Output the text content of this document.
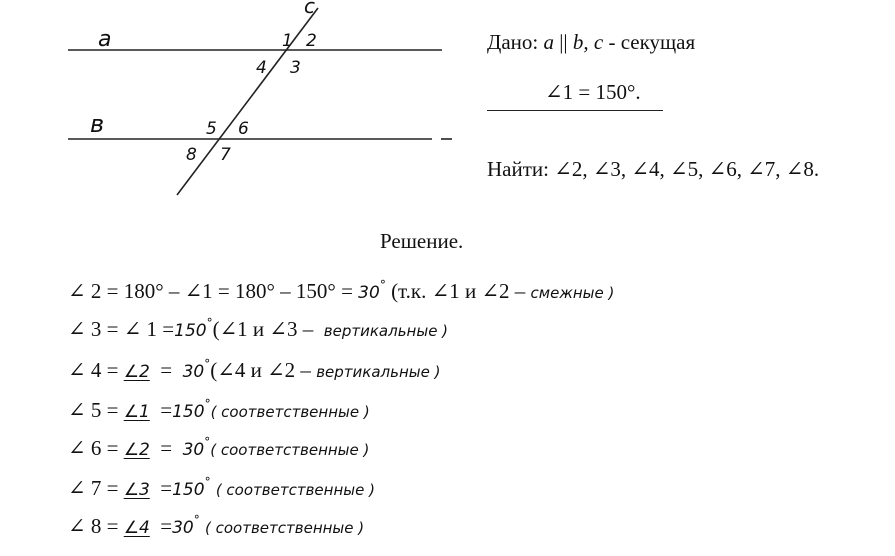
a
в
c
1 2
4 3
5 6
8 7
Дано: a || b, c - секущая
∠1 = 150°.
Найти: ∠2, ∠3, ∠4, ∠5, ∠6, ∠7, ∠8.
Решение.
∠ 2 = 180° – ∠1 = 180° – 150° =
30°
(т.к. ∠1 и ∠2 –
смежные )
∠ 3 = ∠ 1 = 150° (∠1 и ∠3 –
вертикальные )
∠ 4 =
∠2
=
30° (∠4 и ∠2 –
вертикальные )
∠ 5 =
∠1
= 150° ( соответственные )
∠ 6 =
∠2
=
30° ( соответственные )
∠ 7 =
∠3
= 150°
( соответственные )
∠ 8 =
∠4
= 30°
( соответственные )
